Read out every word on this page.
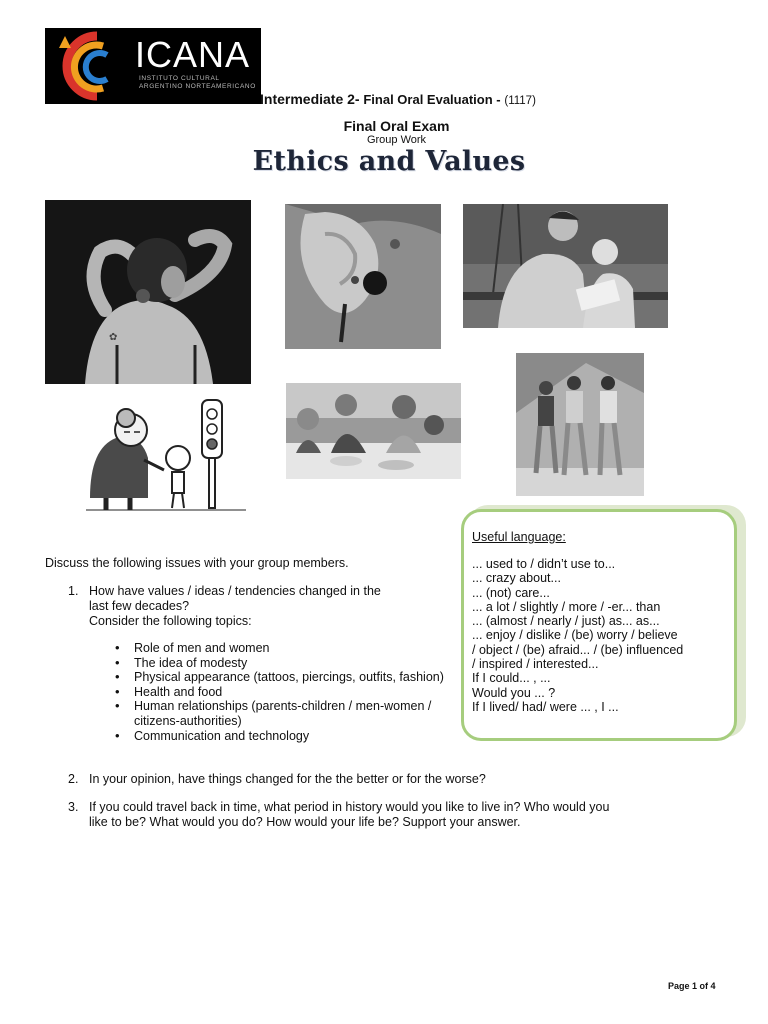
ICANA
INSTITUTO CULTURAL
ARGENTINO NORTEAMERICANO
Intermediate 2- Final Oral Evaluation - (1117)
Final Oral Exam
Group Work
Ethics and Values
✿
Useful language:
... used to / didn’t use to...
... crazy about...
... (not) care...
... a lot / slightly / more / -er... than
... (almost / nearly / just) as... as...
... enjoy / dislike / (be) worry / believe
/ object / (be) afraid... / (be) influenced
/ inspired / interested...
If I could... , ...
Would you ... ?
If I lived/ had/ were ... , I ...
Discuss the following issues with your group members.
1. How have values / ideas / tendencies changed in the
last few decades?
Consider the following topics:
• Role of men and women
• The idea of modesty
• Physical appearance (tattoos, piercings, outfits, fashion)
• Health and food
• Human relationships (parents-children / men-women / citizens-authorities)
• Communication and technology
2. In your opinion, have things changed for the the better or for the worse?
3. If you could travel back in time, what period in history would you like to live in? Who would you
like to be? What would you do? How would your life be? Support your answer.
Page 1 of 4
